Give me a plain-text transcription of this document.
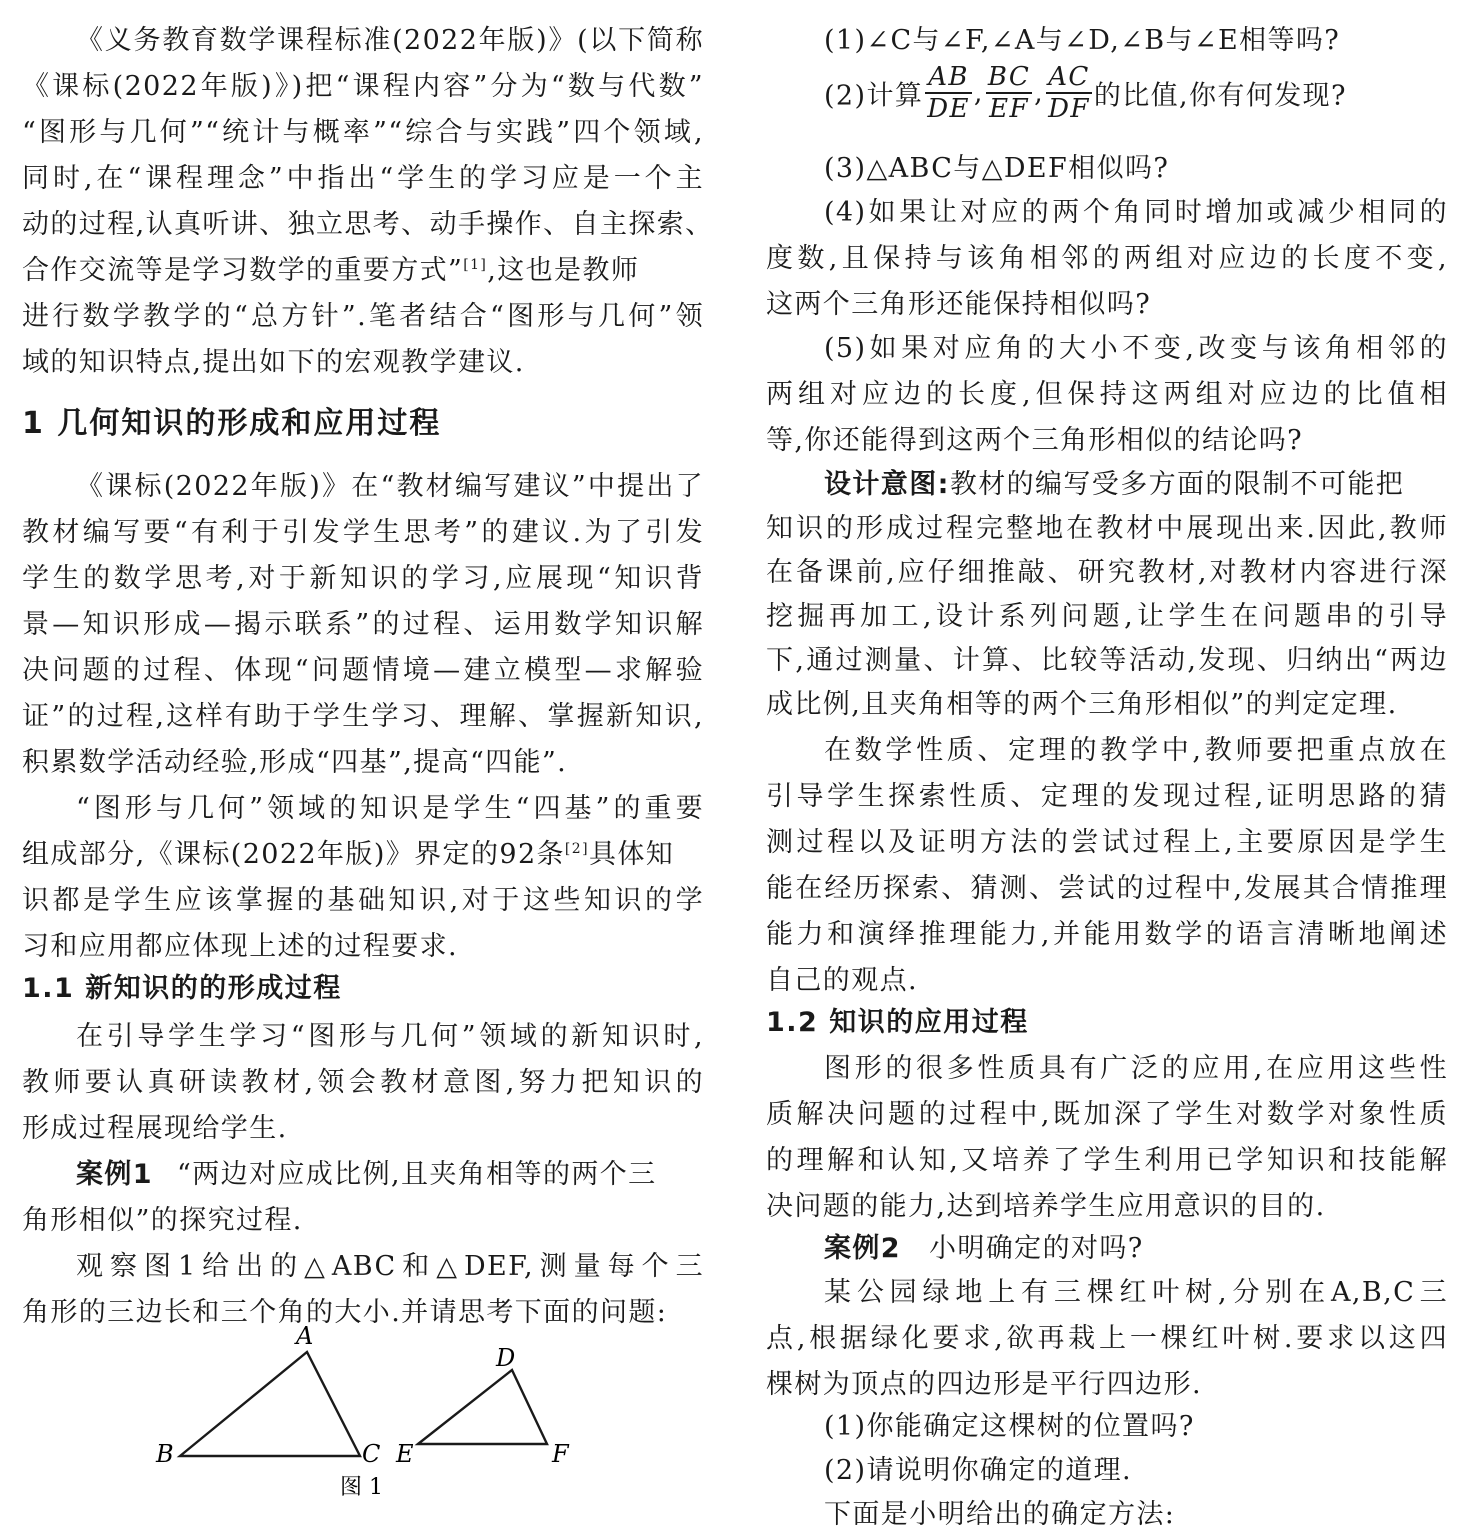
《义务教育数学课程标准(2022年版)》(以下简称
《课标(2022年版)》)把“课程内容”分为“数与代数”
“图形与几何”“统计与概率”“综合与实践”四个领域,
同时,在“课程理念”中指出“学生的学习应是一个主
动的过程,认真听讲、独立思考、动手操作、自主探索、
合作交流等是学习数学的重要方式”[1],这也是教师
进行数学教学的“总方针”.笔者结合“图形与几何”领
域的知识特点,提出如下的宏观教学建议.
1 几何知识的形成和应用过程
《课标(2022年版)》在“教材编写建议”中提出了
教材编写要“有利于引发学生思考”的建议.为了引发
学生的数学思考,对于新知识的学习,应展现“知识背
景—知识形成—揭示联系”的过程、运用数学知识解
决问题的过程、体现“问题情境—建立模型—求解验
证”的过程,这样有助于学生学习、理解、掌握新知识,
积累数学活动经验,形成“四基”,提高“四能”.
“图形与几何”领域的知识是学生“四基”的重要
组成部分,《课标(2022年版)》界定的92条[2]具体知
识都是学生应该掌握的基础知识,对于这些知识的学
习和应用都应体现上述的过程要求.
1.1 新知识的的形成过程
在引导学生学习“图形与几何”领域的新知识时,
教师要认真研读教材,领会教材意图,努力把知识的
形成过程展现给学生.
案例1 “两边对应成比例,且夹角相等的两个三
角形相似”的探究过程.
观察图1给出的△ABC和△DEF,测量每个三
角形的三边长和三个角的大小.并请思考下面的问题:
A
B	C
D
E	F
图 1
(1)∠C与∠F,∠A与∠D,∠B与∠E相等吗?
(2)计算 $\frac{AB}{DE}$ , $\frac{BC}{EF}$ , $\frac{AC}{DF}$ 的比值,你有何发现?
(3)△ABC与△DEF相似吗?
(4)如果让对应的两个角同时增加或减少相同的
度数,且保持与该角相邻的两组对应边的长度不变,
这两个三角形还能保持相似吗?
(5)如果对应角的大小不变,改变与该角相邻的
两组对应边的长度,但保持这两组对应边的比值相
等,你还能得到这两个三角形相似的结论吗?
设计意图:教材的编写受多方面的限制不可能把
知识的形成过程完整地在教材中展现出来.因此,教师
在备课前,应仔细推敲、研究教材,对教材内容进行深
挖掘再加工,设计系列问题,让学生在问题串的引导
下,通过测量、计算、比较等活动,发现、归纳出“两边
成比例,且夹角相等的两个三角形相似”的判定定理.
在数学性质、定理的教学中,教师要把重点放在
引导学生探索性质、定理的发现过程,证明思路的猜
测过程以及证明方法的尝试过程上,主要原因是学生
能在经历探索、猜测、尝试的过程中,发展其合情推理
能力和演绎推理能力,并能用数学的语言清晰地阐述
自己的观点.
1.2 知识的应用过程
图形的很多性质具有广泛的应用,在应用这些性
质解决问题的过程中,既加深了学生对数学对象性质
的理解和认知,又培养了学生利用已学知识和技能解
决问题的能力,达到培养学生应用意识的目的.
案例2 小明确定的对吗?
某公园绿地上有三棵红叶树,分别在A,B,C三
点,根据绿化要求,欲再栽上一棵红叶树.要求以这四
棵树为顶点的四边形是平行四边形.
(1)你能确定这棵树的位置吗?
(2)请说明你确定的道理.
下面是小明给出的确定方法:
